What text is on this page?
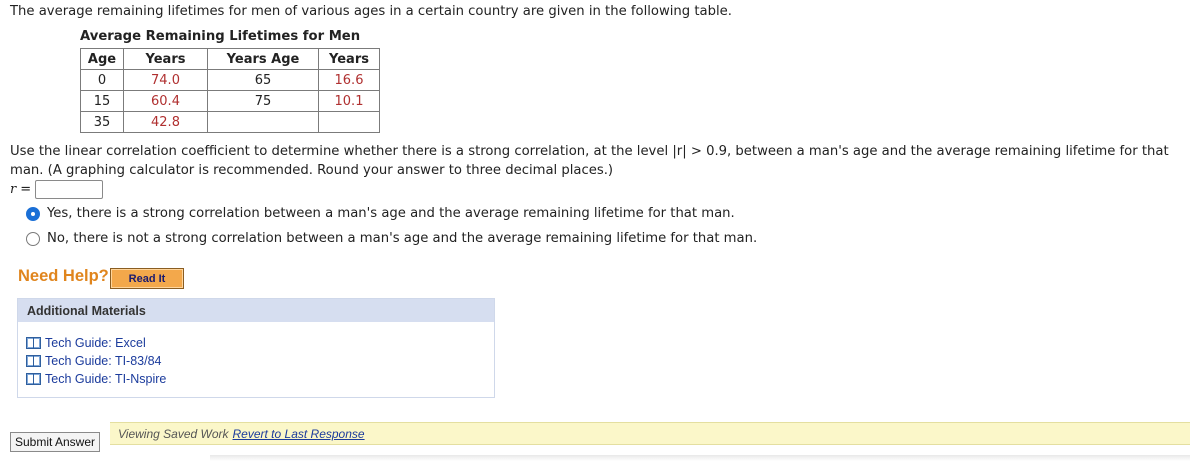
The average remaining lifetimes for men of various ages in a certain country are given in the following table.
Average Remaining Lifetimes for Men
Age	Years	Years Age	Years
0	74.0	65	16.6
15	60.4	75	10.1
35	42.8		
Use the linear correlation coefficient to determine whether there is a strong correlation, at the level |r| > 0.9, between a man's age and the average remaining lifetime for that man. (A graphing calculator is recommended. Round your answer to three decimal places.)
r =
Yes, there is a strong correlation between a man's age and the average remaining lifetime for that man.
No, there is not a strong correlation between a man's age and the average remaining lifetime for that man.
Need Help?	Read It
Additional Materials
Tech Guide: Excel
Tech Guide: TI-83/84
Tech Guide: TI-Nspire
Viewing Saved Work Revert to Last Response
Submit Answer
